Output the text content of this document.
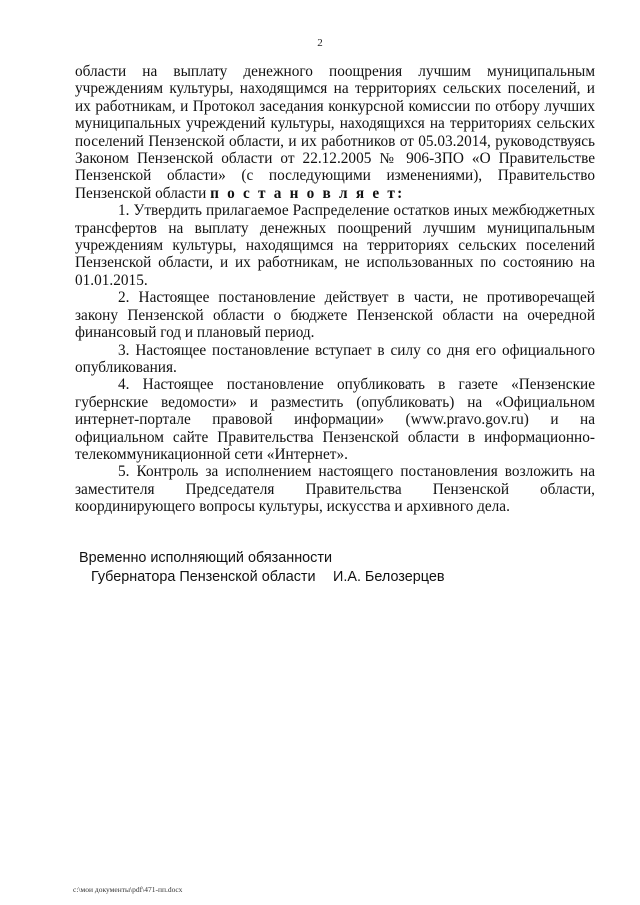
2

области на выплату денежного поощрения лучшим муниципальным учреждениям культуры, находящимся на территориях сельских поселений, и их работникам, и Протокол заседания конкурсной комиссии по отбору лучших муниципальных учреждений культуры, находящихся на территориях сельских поселений Пензенской области, и их работников от 05.03.2014, руководствуясь Законом Пензенской области от 22.12.2005 № 906-ЗПО «О Правительстве Пензенской области» (с последующими изменениями), Правительство Пензенской области п о с т а н о в л я е т:

1. Утвердить прилагаемое Распределение остатков иных межбюджетных трансфертов на выплату денежных поощрений лучшим муниципальным учреждениям культуры, находящимся на территориях сельских поселений Пензенской области, и их работникам, не использованных по состоянию на 01.01.2015.

2. Настоящее постановление действует в части, не противоречащей закону Пензенской области о бюджете Пензенской области на очередной финансовый год и плановый период.

3. Настоящее постановление вступает в силу со дня его официального опубликования.

4. Настоящее постановление опубликовать в газете «Пензенские губернские ведомости» и разместить (опубликовать) на «Официальном интернет-портале правовой информации» (www.pravo.gov.ru) и на официальном сайте Правительства Пензенской области в информационно-телекоммуникационной сети «Интернет».

5. Контроль за исполнением настоящего постановления возложить на заместителя Председателя Правительства Пензенской области, координирующего вопросы культуры, искусства и архивного дела.

Временно исполняющий обязанности
Губернатора Пензенской области И.А. Белозерцев
c:\мои документы\pdf\471-пп.docx
